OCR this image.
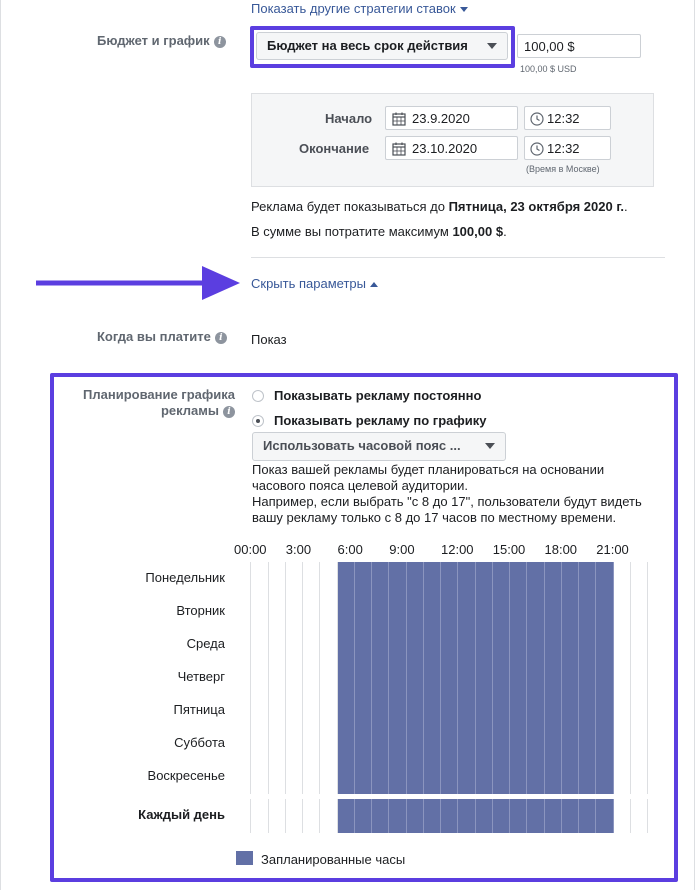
Показать другие стратегии ставок
Бюджет и график i	Бюджет на весь срок действия	100,00 $
100,00 $ USD
Начало	23.9.2020	12:32
Окончание	23.10.2020	12:32
(Время в Москве)
Реклама будет показываться до Пятница, 23 октября 2020 г..
В сумме вы потратите максимум 100,00 $.
Скрыть параметры
Когда вы платите i	Показ
Планирование графика
рекламы i
Показывать рекламу постоянно
Показывать рекламу по графику
Использовать часовой пояс ...
Показ вашей рекламы будет планироваться на основании
часового пояса целевой аудитории.
Например, если выбрать "с 8 до 17", пользователи будут видеть
вашу рекламу только с 8 до 17 часов по местному времени.
00:00 3:00 6:00 9:00 12:00 15:00 18:00 21:00
Понедельник
Вторник
Среда
Четверг
Пятница
Суббота
Воскресенье
Каждый день
Запланированные часы
